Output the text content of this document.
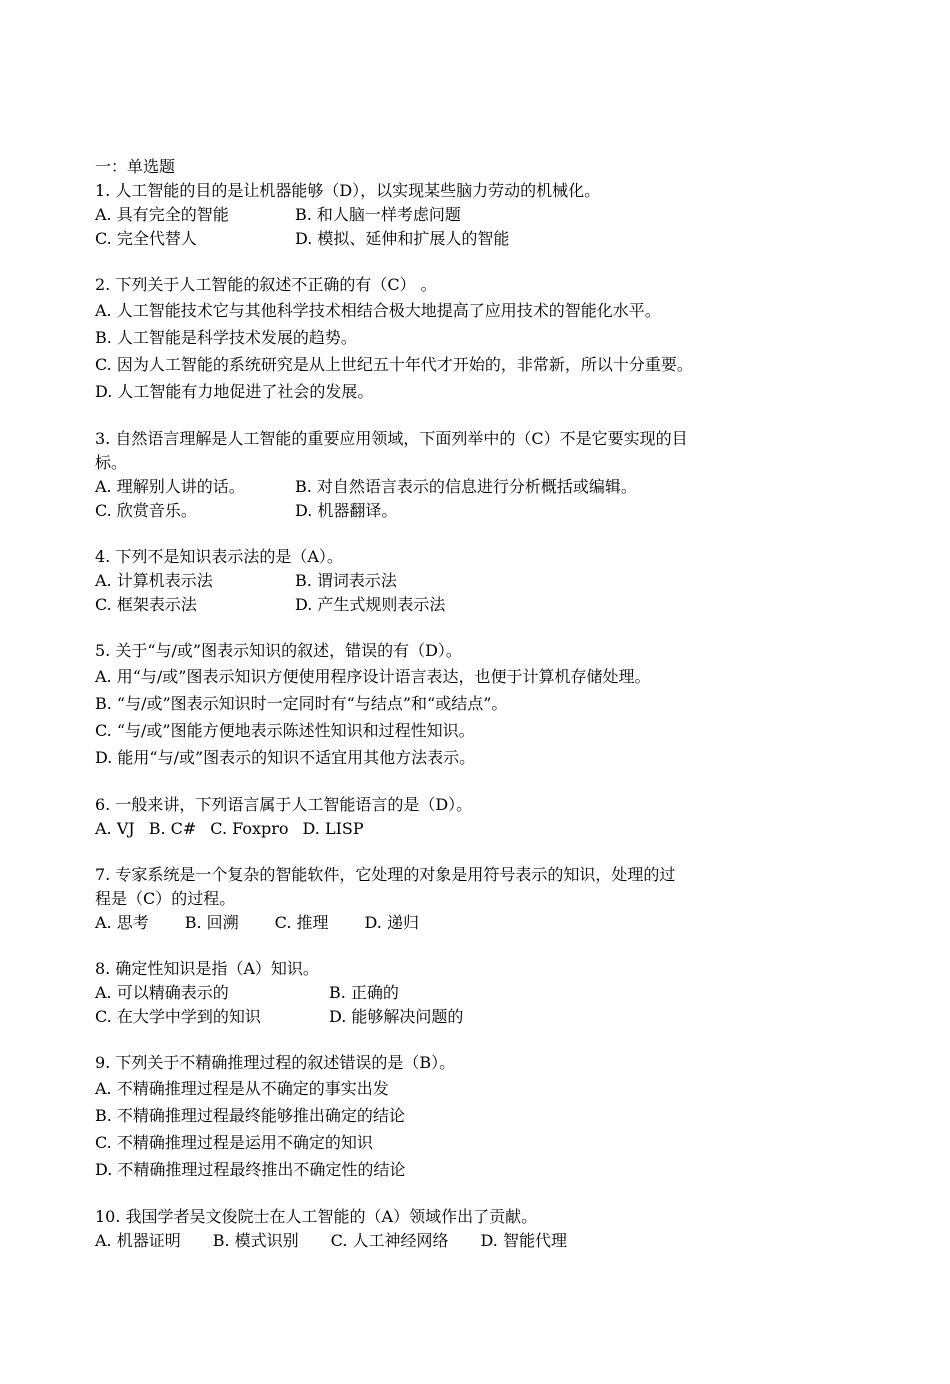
一：单选题
1. 人工智能的目的是让机器能够（D），以实现某些脑力劳动的机械化。
A. 具有完全的智能	B. 和人脑一样考虑问题
C. 完全代替人	D. 模拟、延伸和扩展人的智能
2. 下列关于人工智能的叙述不正确的有（C） 。
A. 人工智能技术它与其他科学技术相结合极大地提高了应用技术的智能化水平。
B. 人工智能是科学技术发展的趋势。
C. 因为人工智能的系统研究是从上世纪五十年代才开始的，非常新，所以十分重要。
D. 人工智能有力地促进了社会的发展。
3. 自然语言理解是人工智能的重要应用领域，下面列举中的（C）不是它要实现的目
标。
A. 理解别人讲的话。	B. 对自然语言表示的信息进行分析概括或编辑。
C. 欣赏音乐。	D. 机器翻译。
4. 下列不是知识表示法的是（A）。
A. 计算机表示法	B. 谓词表示法
C. 框架表示法	D. 产生式规则表示法
5. 关于“与/或”图表示知识的叙述，错误的有（D）。
A. 用“与/或”图表示知识方便使用程序设计语言表达，也便于计算机存储处理。
B. “与/或”图表示知识时一定同时有“与结点”和“或结点”。
C. “与/或”图能方便地表示陈述性知识和过程性知识。
D. 能用“与/或”图表示的知识不适宜用其他方法表示。
6. 一般来讲，下列语言属于人工智能语言的是（D）。
A. VJ B. C# C. Foxpro D. LISP
7. 专家系统是一个复杂的智能软件，它处理的对象是用符号表示的知识，处理的过
程是（C）的过程。
A. 思考 B. 回溯 C. 推理 D. 递归
8. 确定性知识是指（A）知识。
A. 可以精确表示的	B. 正确的
C. 在大学中学到的知识	D. 能够解决问题的
9. 下列关于不精确推理过程的叙述错误的是（B）。
A. 不精确推理过程是从不确定的事实出发
B. 不精确推理过程最终能够推出确定的结论
C. 不精确推理过程是运用不确定的知识
D. 不精确推理过程最终推出不确定性的结论
10. 我国学者吴文俊院士在人工智能的（A）领域作出了贡献。
A. 机器证明 B. 模式识别 C. 人工神经网络 D. 智能代理
